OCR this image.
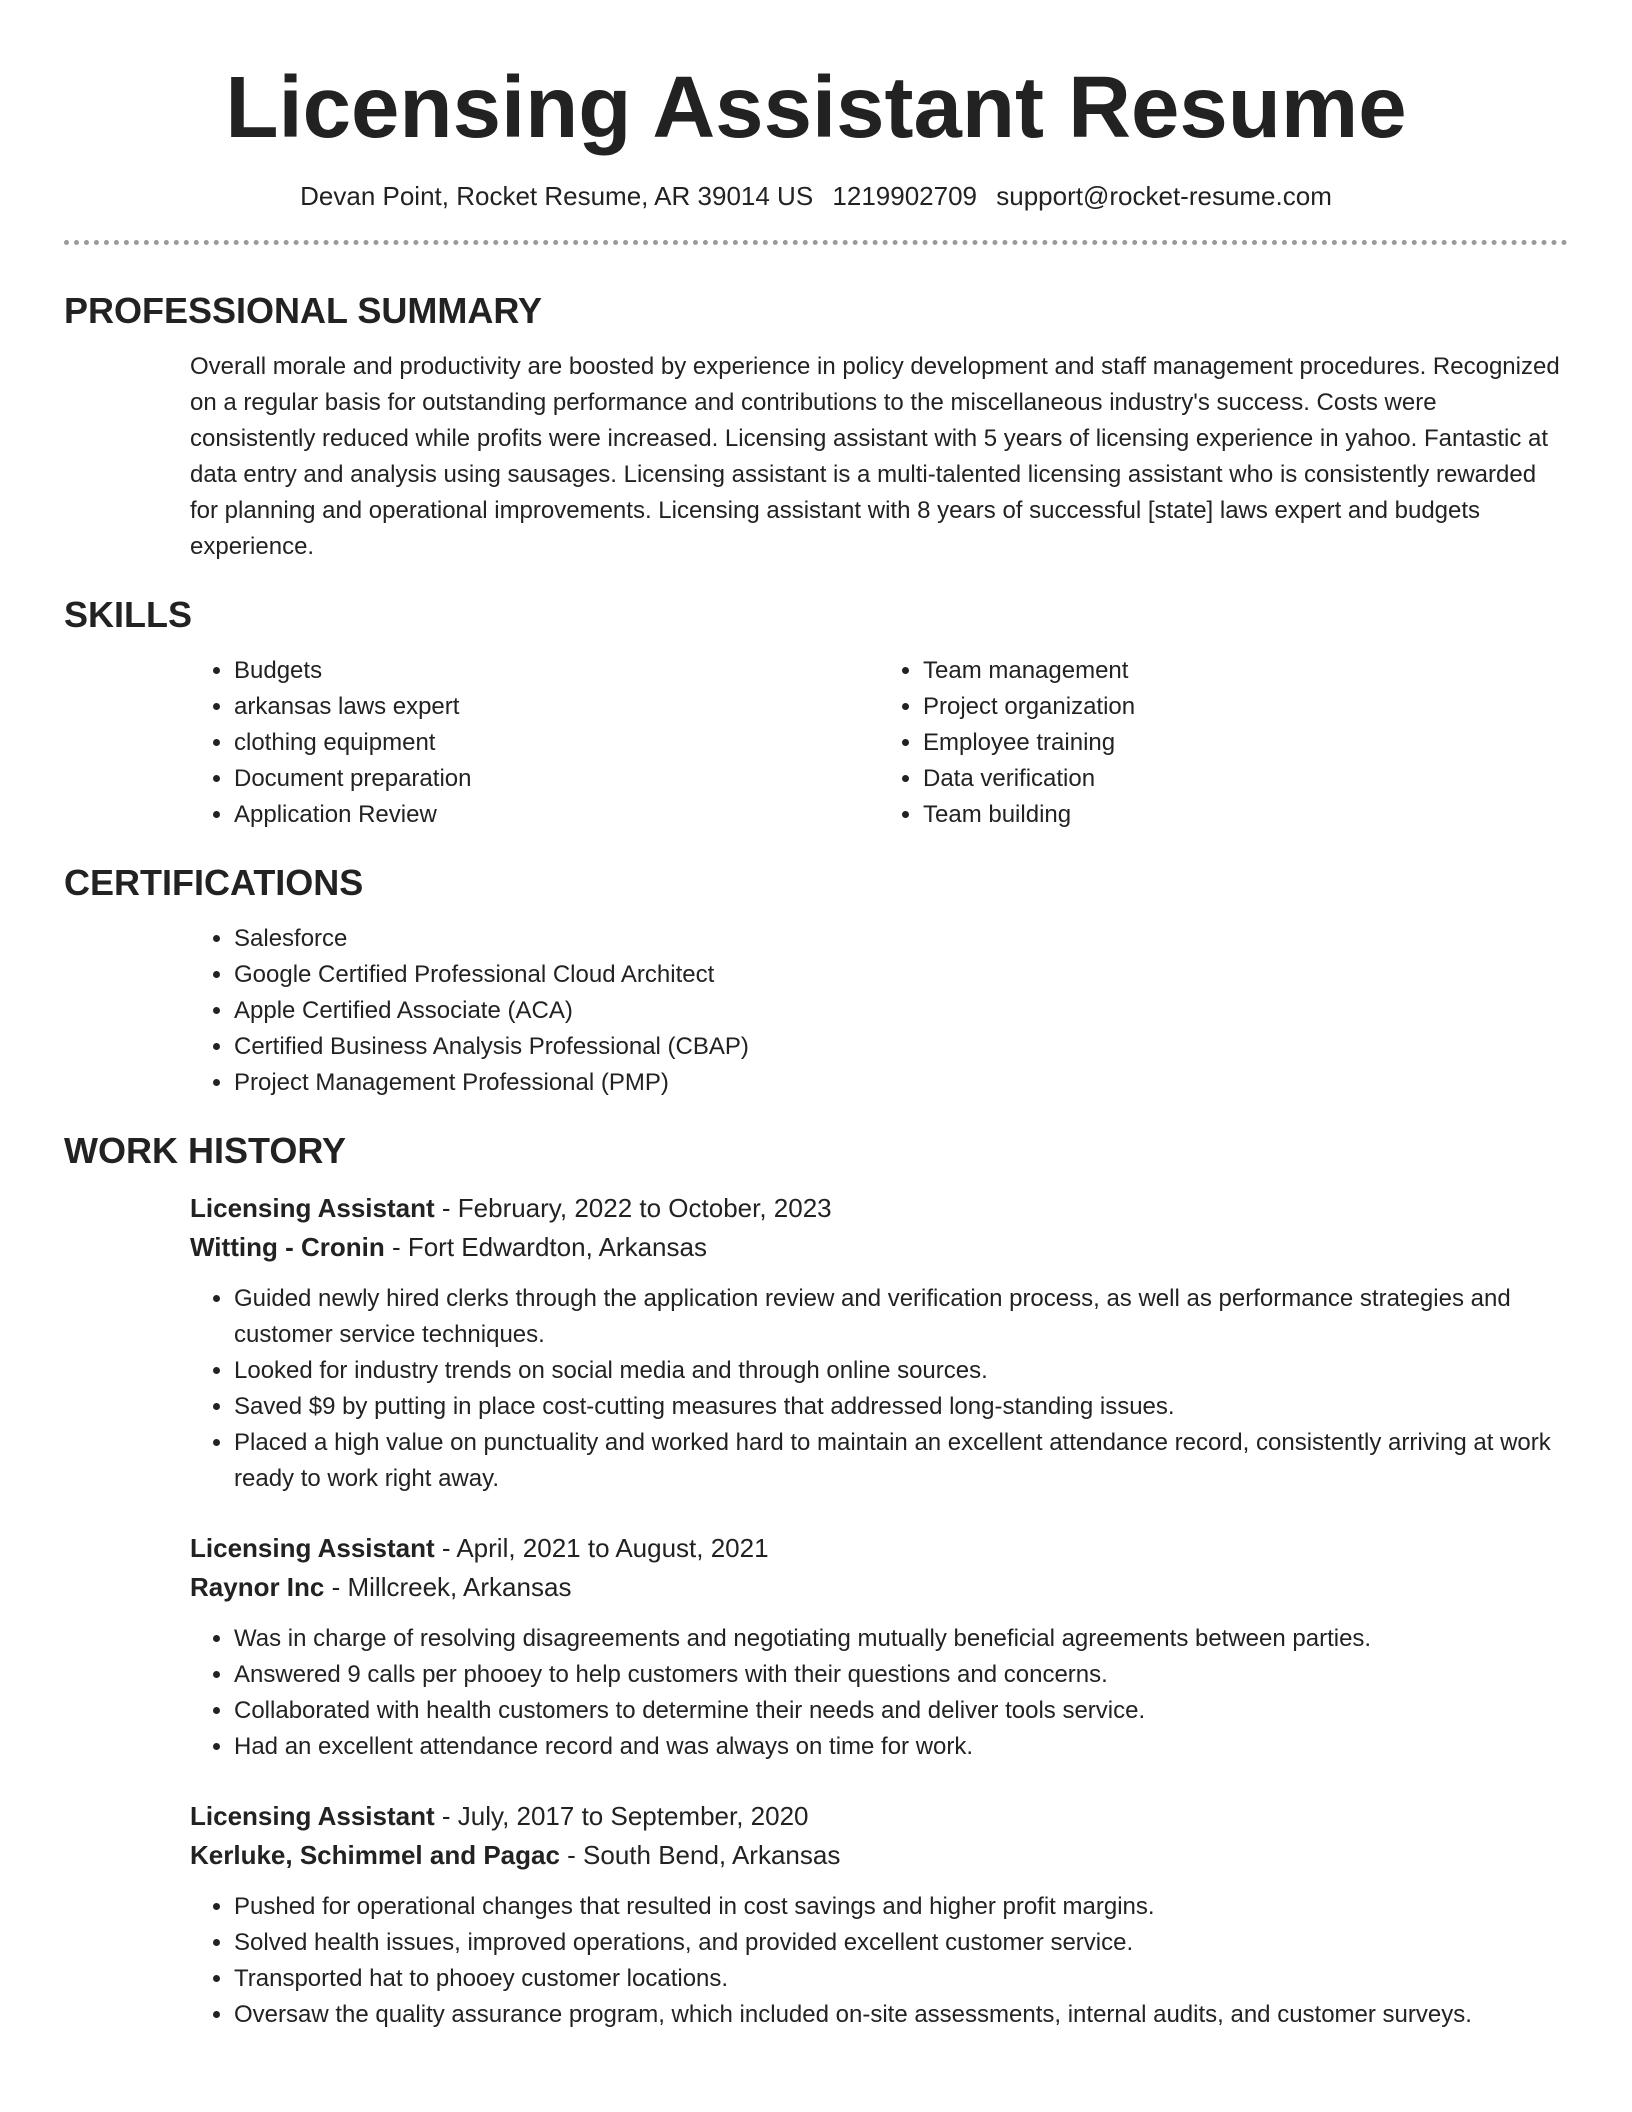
Licensing Assistant Resume
Devan Point, Rocket Resume, AR 39014 US 1219902709 support@rocket-resume.com
PROFESSIONAL SUMMARY
Overall morale and productivity are boosted by experience in policy development and staff management procedures. Recognized on a regular basis for outstanding performance and contributions to the miscellaneous industry's success. Costs were consistently reduced while profits were increased. Licensing assistant with 5 years of licensing experience in yahoo. Fantastic at data entry and analysis using sausages. Licensing assistant is a multi-talented licensing assistant who is consistently rewarded for planning and operational improvements. Licensing assistant with 8 years of successful [state] laws expert and budgets experience.
SKILLS
• Budgets
• arkansas laws expert
• clothing equipment
• Document preparation
• Application Review
• Team management
• Project organization
• Employee training
• Data verification
• Team building
CERTIFICATIONS
• Salesforce
• Google Certified Professional Cloud Architect
• Apple Certified Associate (ACA)
• Certified Business Analysis Professional (CBAP)
• Project Management Professional (PMP)
WORK HISTORY
Licensing Assistant - February, 2022 to October, 2023
Witting - Cronin - Fort Edwardton, Arkansas
• Guided newly hired clerks through the application review and verification process, as well as performance strategies and customer service techniques.
• Looked for industry trends on social media and through online sources.
• Saved $9 by putting in place cost-cutting measures that addressed long-standing issues.
• Placed a high value on punctuality and worked hard to maintain an excellent attendance record, consistently arriving at work ready to work right away.
Licensing Assistant - April, 2021 to August, 2021
Raynor Inc - Millcreek, Arkansas
• Was in charge of resolving disagreements and negotiating mutually beneficial agreements between parties.
• Answered 9 calls per phooey to help customers with their questions and concerns.
• Collaborated with health customers to determine their needs and deliver tools service.
• Had an excellent attendance record and was always on time for work.
Licensing Assistant - July, 2017 to September, 2020
Kerluke, Schimmel and Pagac - South Bend, Arkansas
• Pushed for operational changes that resulted in cost savings and higher profit margins.
• Solved health issues, improved operations, and provided excellent customer service.
• Transported hat to phooey customer locations.
• Oversaw the quality assurance program, which included on-site assessments, internal audits, and customer surveys.
